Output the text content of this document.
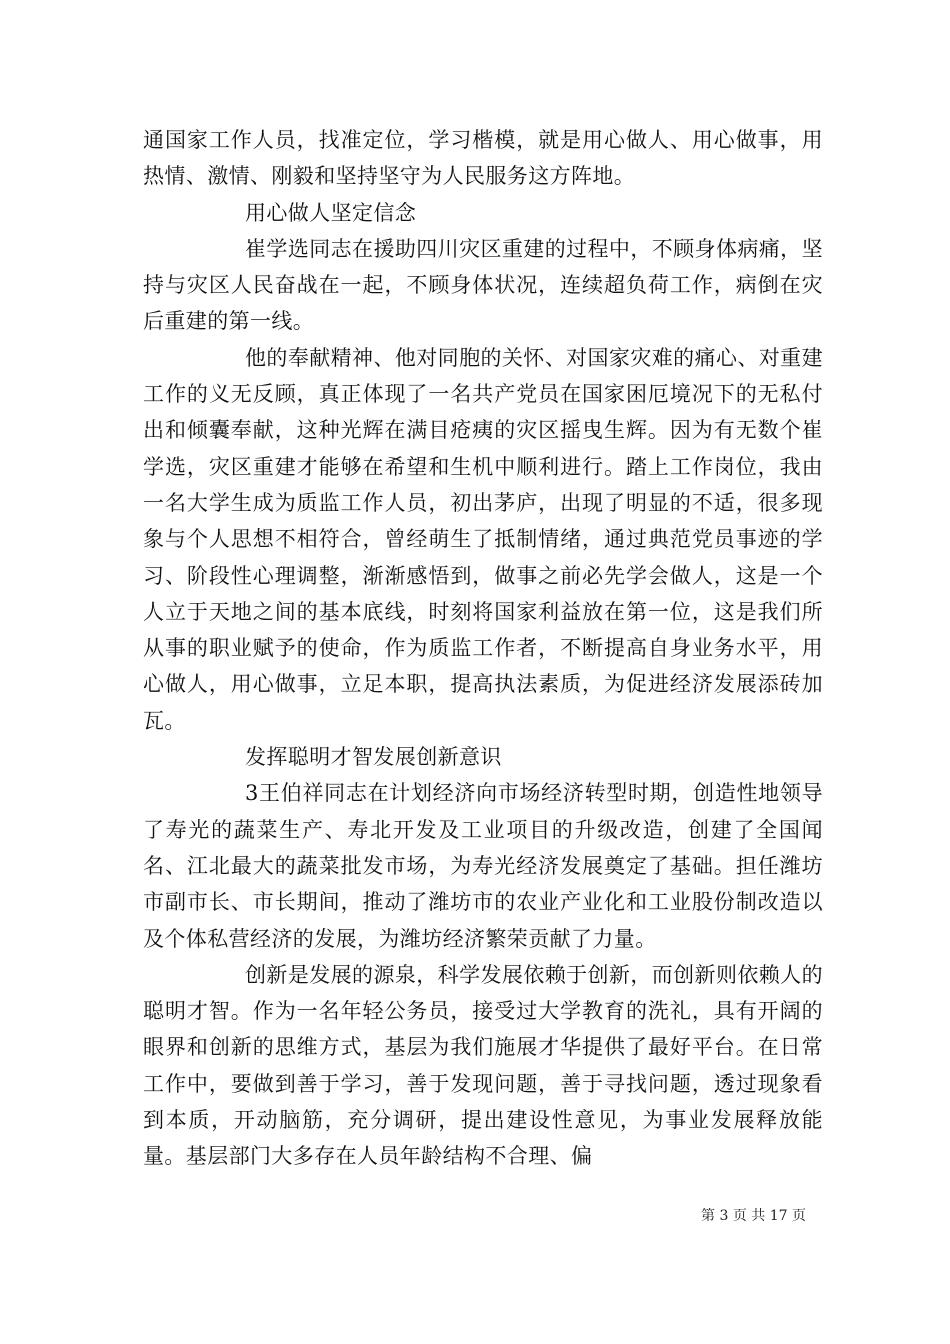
通国家工作人员，找准定位，学习楷模，就是用心做人、用心做事，用热情、激情、刚毅和坚持坚守为人民服务这方阵地。

用心做人坚定信念

崔学选同志在援助四川灾区重建的过程中，不顾身体病痛，坚持与灾区人民奋战在一起，不顾身体状况，连续超负荷工作，病倒在灾后重建的第一线。

他的奉献精神、他对同胞的关怀、对国家灾难的痛心、对重建工作的义无反顾，真正体现了一名共产党员在国家困厄境况下的无私付出和倾囊奉献，这种光辉在满目疮痍的灾区摇曳生辉。因为有无数个崔学选，灾区重建才能够在希望和生机中顺利进行。踏上工作岗位，我由一名大学生成为质监工作人员，初出茅庐，出现了明显的不适，很多现象与个人思想不相符合，曾经萌生了抵制情绪，通过典范党员事迹的学习、阶段性心理调整，渐渐感悟到，做事之前必先学会做人，这是一个人立于天地之间的基本底线，时刻将国家利益放在第一位，这是我们所从事的职业赋予的使命，作为质监工作者，不断提高自身业务水平，用心做人，用心做事，立足本职，提高执法素质，为促进经济发展添砖加瓦。

发挥聪明才智发展创新意识

3王伯祥同志在计划经济向市场经济转型时期，创造性地领导了寿光的蔬菜生产、寿北开发及工业项目的升级改造，创建了全国闻名、江北最大的蔬菜批发市场，为寿光经济发展奠定了基础。担任潍坊市副市长、市长期间，推动了潍坊市的农业产业化和工业股份制改造以及个体私营经济的发展，为潍坊经济繁荣贡献了力量。

创新是发展的源泉，科学发展依赖于创新，而创新则依赖人的聪明才智。作为一名年轻公务员，接受过大学教育的洗礼，具有开阔的眼界和创新的思维方式，基层为我们施展才华提供了最好平台。在日常工作中，要做到善于学习，善于发现问题，善于寻找问题，透过现象看到本质，开动脑筋，充分调研，提出建设性意见，为事业发展释放能量。基层部门大多存在人员年龄结构不合理、偏

第 3 页 共 17 页
